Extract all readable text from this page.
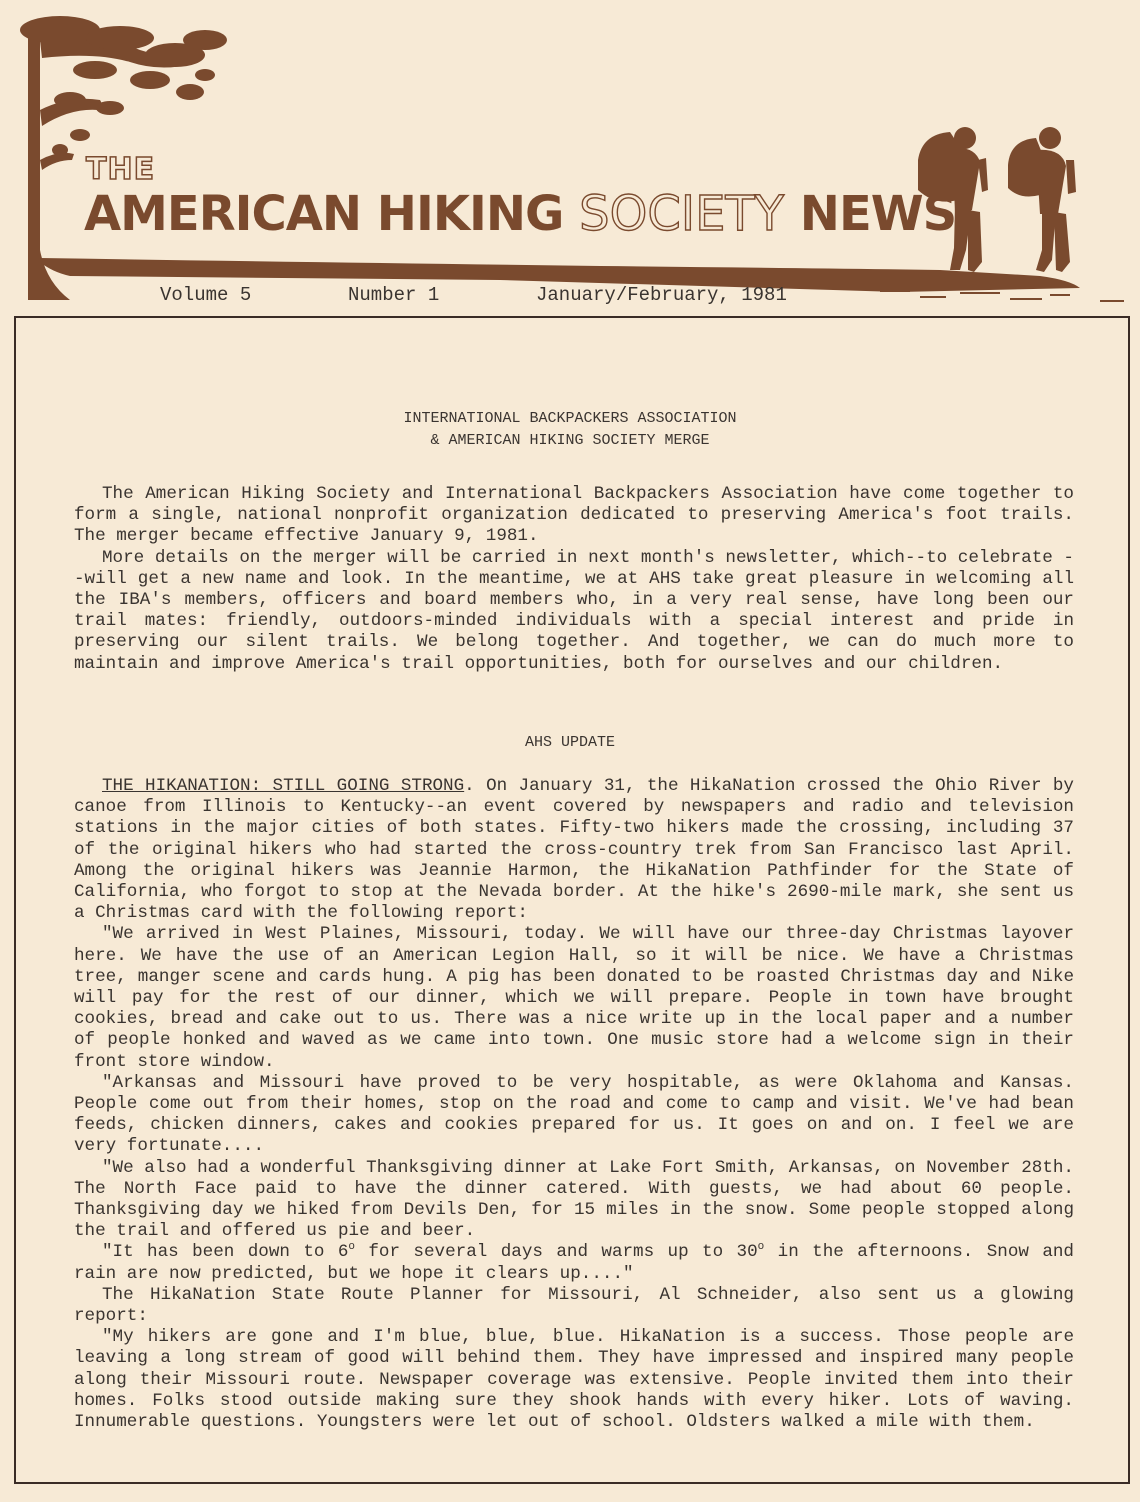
THE
AMERICAN HIKING SOCIETY NEWS
Volume 5	Number 1	January/February, 1981
INTERNATIONAL BACKPACKERS ASSOCIATION
& AMERICAN HIKING SOCIETY MERGE

The American Hiking Society and International Backpackers Association have come together to form a single, national nonprofit organization dedicated to preserving America's foot trails. The merger became effective January 9, 1981.

More details on the merger will be carried in next month's newsletter, which--to celebrate --will get a new name and look. In the meantime, we at AHS take great pleasure in welcoming all the IBA's members, officers and board members who, in a very real sense, have long been our trail mates: friendly, outdoors-minded individuals with a special interest and pride in preserving our silent trails. We belong together. And together, we can do much more to maintain and improve America's trail opportunities, both for ourselves and our children.

AHS UPDATE

THE HIKANATION: STILL GOING STRONG. On January 31, the HikaNation crossed the Ohio River by canoe from Illinois to Kentucky--an event covered by newspapers and radio and television stations in the major cities of both states. Fifty-two hikers made the crossing, including 37 of the original hikers who had started the cross-country trek from San Francisco last April. Among the original hikers was Jeannie Harmon, the HikaNation Pathfinder for the State of California, who forgot to stop at the Nevada border. At the hike's 2690-mile mark, she sent us a Christmas card with the following report:

"We arrived in West Plaines, Missouri, today. We will have our three-day Christmas layover here. We have the use of an American Legion Hall, so it will be nice. We have a Christmas tree, manger scene and cards hung. A pig has been donated to be roasted Christmas day and Nike will pay for the rest of our dinner, which we will prepare. People in town have brought cookies, bread and cake out to us. There was a nice write up in the local paper and a number of people honked and waved as we came into town. One music store had a welcome sign in their front store window.

"Arkansas and Missouri have proved to be very hospitable, as were Oklahoma and Kansas. People come out from their homes, stop on the road and come to camp and visit. We've had bean feeds, chicken dinners, cakes and cookies prepared for us. It goes on and on. I feel we are very fortunate....

"We also had a wonderful Thanksgiving dinner at Lake Fort Smith, Arkansas, on November 28th. The North Face paid to have the dinner catered. With guests, we had about 60 people. Thanksgiving day we hiked from Devils Den, for 15 miles in the snow. Some people stopped along the trail and offered us pie and beer.

"It has been down to 6$^o$ for several days and warms up to 30$^o$ in the afternoons. Snow and rain are now predicted, but we hope it clears up...."

The HikaNation State Route Planner for Missouri, Al Schneider, also sent us a glowing report:

"My hikers are gone and I'm blue, blue, blue. HikaNation is a success. Those people are leaving a long stream of good will behind them. They have impressed and inspired many people along their Missouri route. Newspaper coverage was extensive. People invited them into their homes. Folks stood outside making sure they shook hands with every hiker. Lots of waving. Innumerable questions. Youngsters were let out of school. Oldsters walked a mile with them.
